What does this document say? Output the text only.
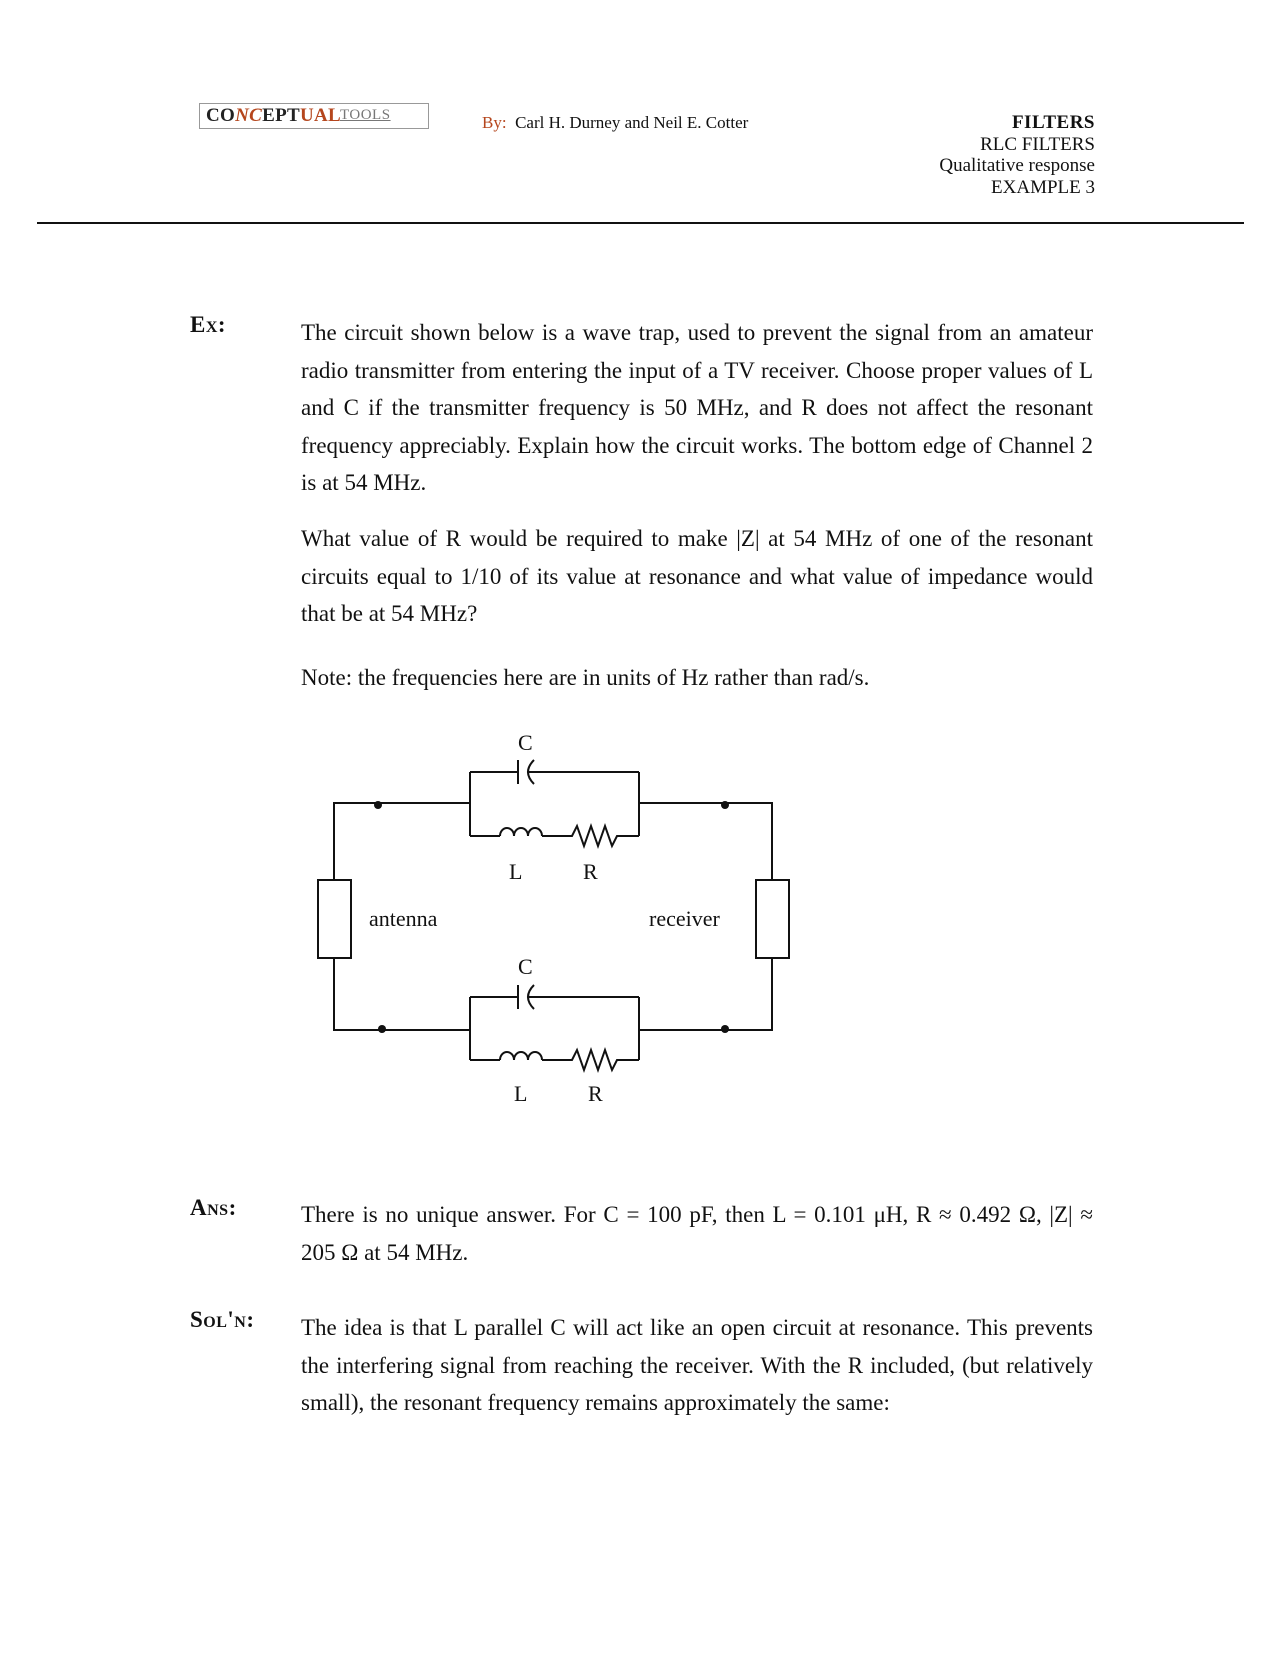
CONCEPTUAL TOOLS	By: Carl H. Durney and Neil E. Cotter	FILTERS
RLC FILTERS
Qualitative response
EXAMPLE 3
Ex:	The circuit shown below is a wave trap, used to prevent the signal from an amateur radio transmitter from entering the input of a TV receiver. Choose proper values of L and C if the transmitter frequency is 50 MHz, and R does not affect the resonant frequency appreciably. Explain how the circuit works. The bottom edge of Channel 2 is at 54 MHz.
What value of R would be required to make |Z| at 54 MHz of one of the resonant circuits equal to 1/10 of its value at resonance and what value of impedance would that be at 54 MHz?
Note: the frequencies here are in units of Hz rather than rad/s.
C
L	R
C
L	R
antenna	receiver
Ans:	There is no unique answer. For C = 100 pF, then L = 0.101 μH, R ≈ 0.492 Ω, |Z| ≈ 205 Ω at 54 MHz.
Sol'n: The idea is that L parallel C will act like an open circuit at resonance. This prevents the interfering signal from reaching the receiver. With the R included, (but relatively small), the resonant frequency remains approximately the same:
